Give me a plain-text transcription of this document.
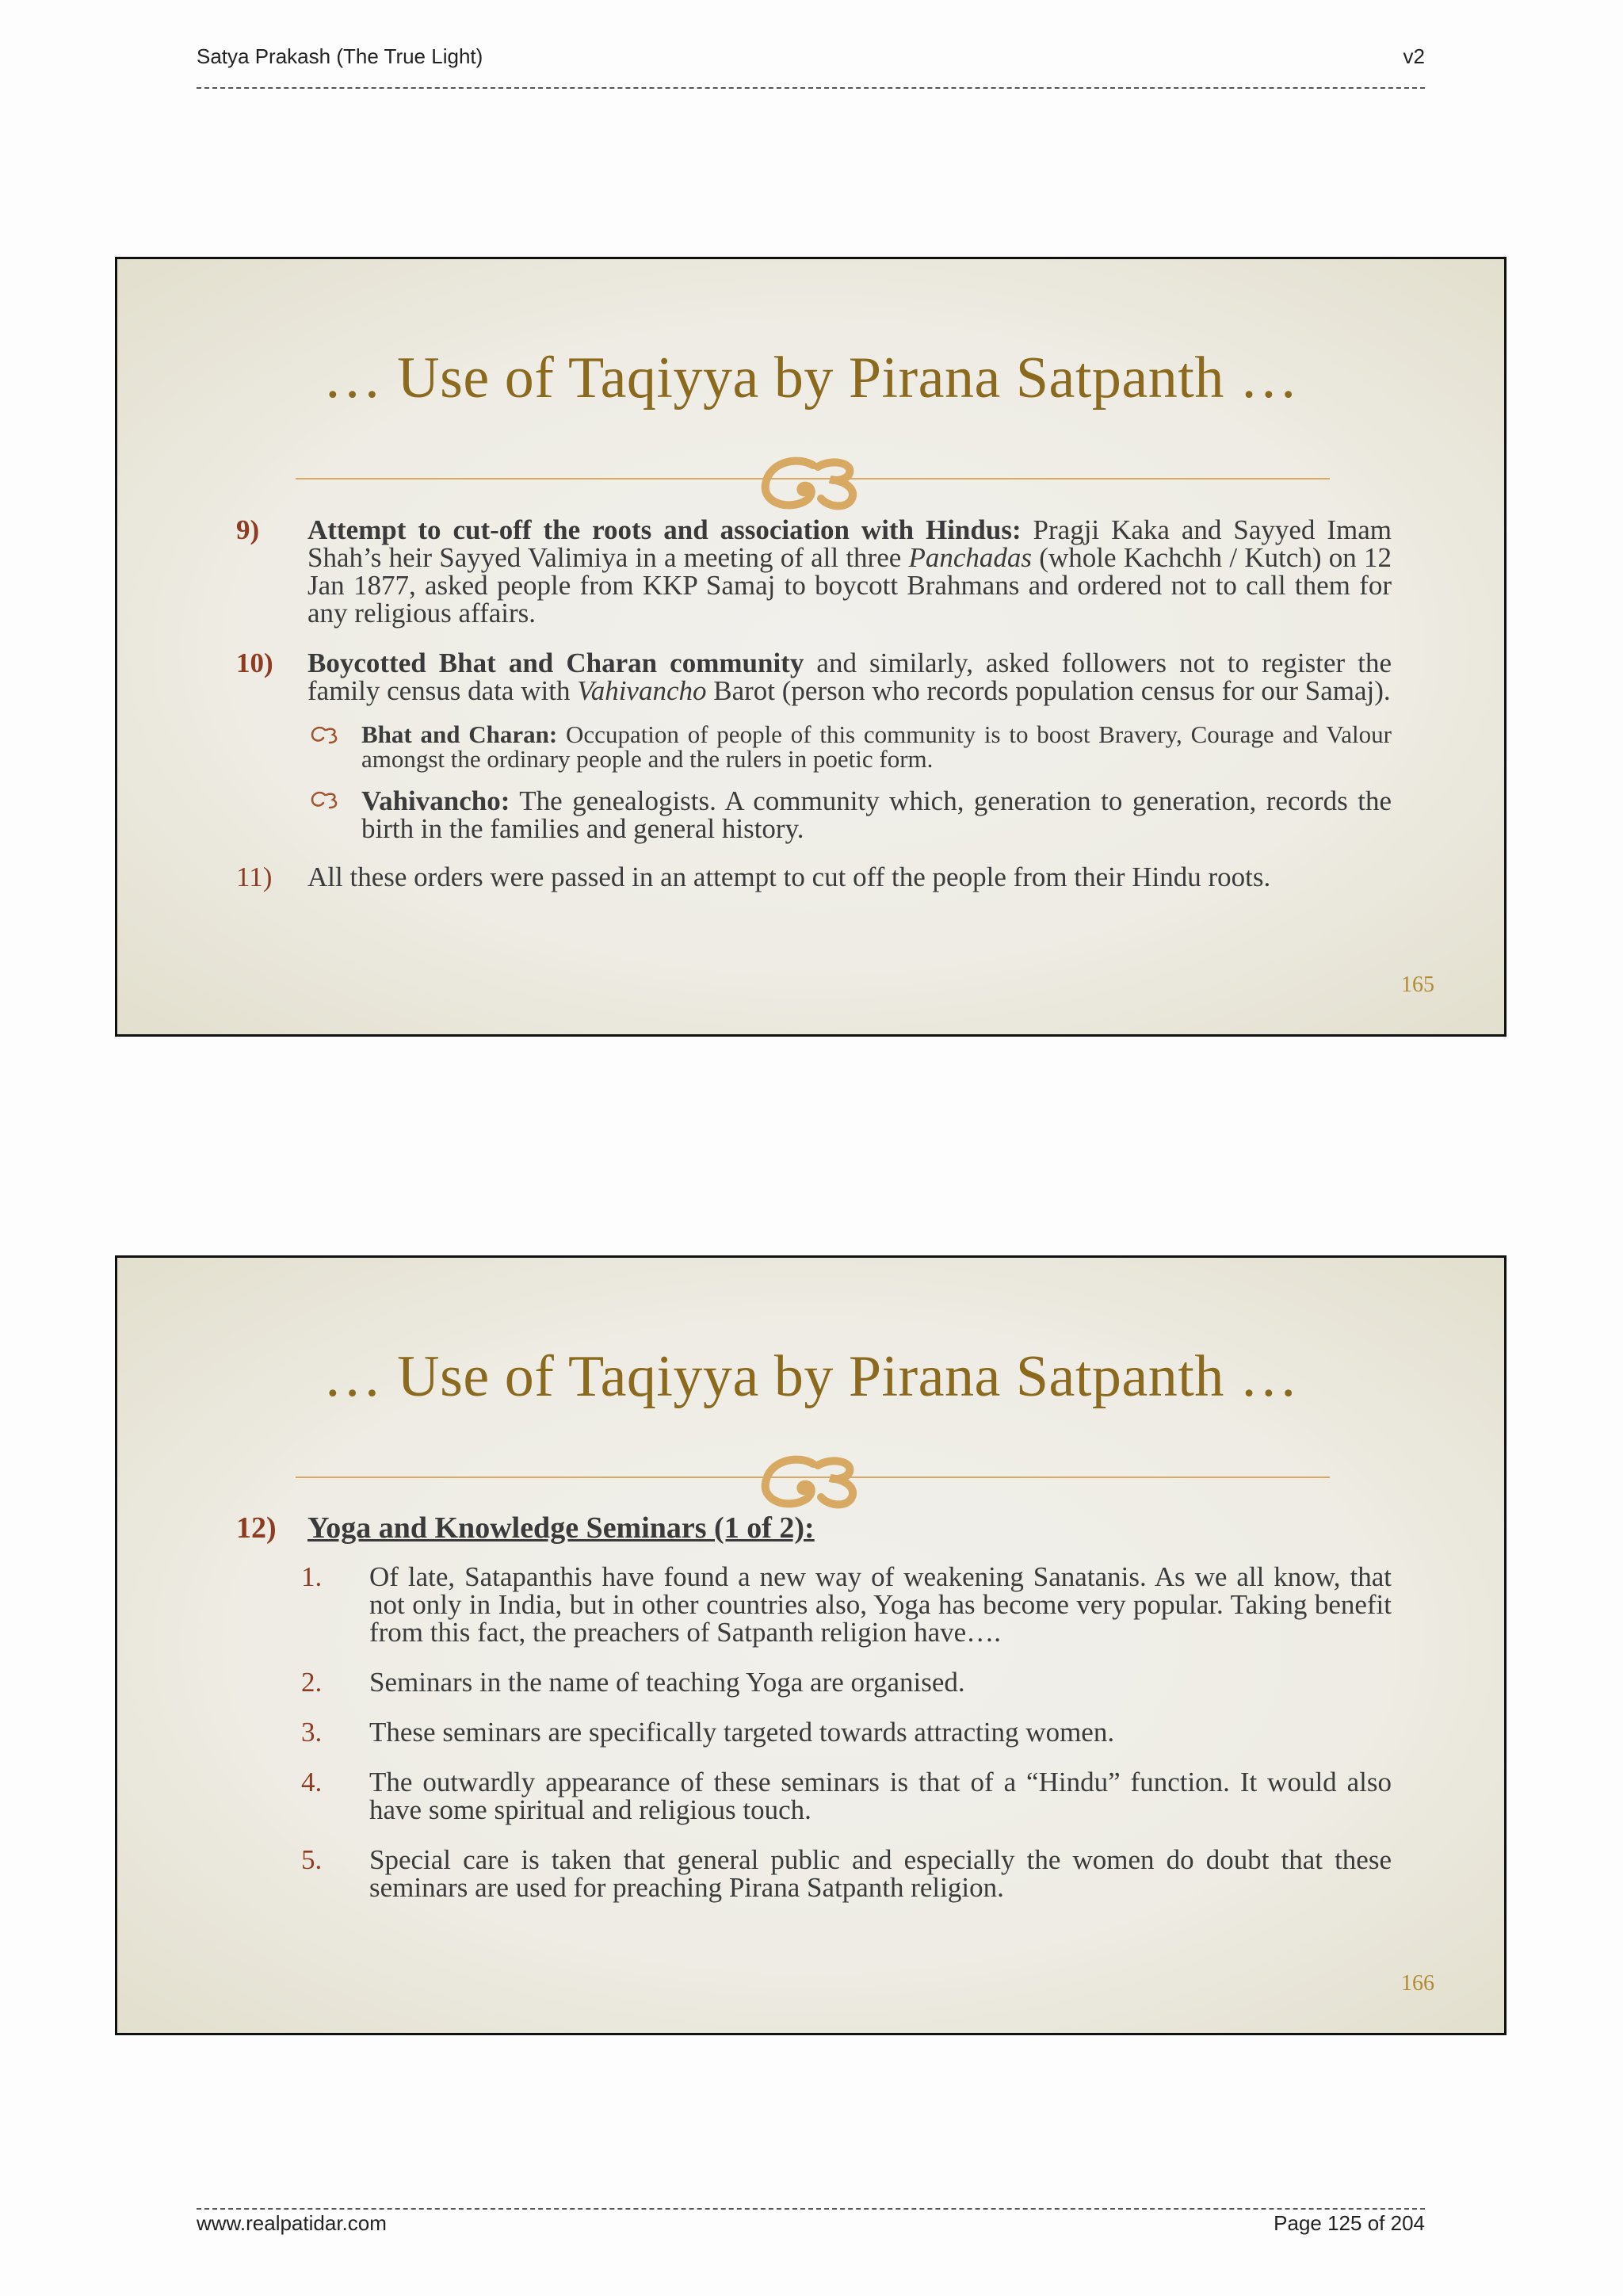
Satya Prakash (The True Light)	v2
… Use of Taqiyya by Pirana Satpanth …
9) Attempt to cut-off the roots and association with Hindus: Pragji Kaka and Sayyed Imam Shah’s heir Sayyed Valimiya in a meeting of all three Panchadas (whole Kachchh / Kutch) on 12 Jan 1877, asked people from KKP Samaj to boycott Brahmans and ordered not to call them for any religious affairs.
10) Boycotted Bhat and Charan community and similarly, asked followers not to register the family census data with Vahivancho Barot (person who records population census for our Samaj).
Bhat and Charan: Occupation of people of this community is to boost Bravery, Courage and Valour amongst the ordinary people and the rulers in poetic form.
Vahivancho: The genealogists. A community which, generation to generation, records the birth in the families and general history.
11) All these orders were passed in an attempt to cut off the people from their Hindu roots.
165
… Use of Taqiyya by Pirana Satpanth …
12) Yoga and Knowledge Seminars (1 of 2):
1. Of late, Satapanthis have found a new way of weakening Sanatanis. As we all know, that not only in India, but in other countries also, Yoga has become very popular. Taking benefit from this fact, the preachers of Satpanth religion have….
2. Seminars in the name of teaching Yoga are organised.
3. These seminars are specifically targeted towards attracting women.
4. The outwardly appearance of these seminars is that of a “Hindu” function. It would also have some spiritual and religious touch.
5. Special care is taken that general public and especially the women do doubt that these seminars are used for preaching Pirana Satpanth religion.
166
www.realpatidar.com	Page 125 of 204
